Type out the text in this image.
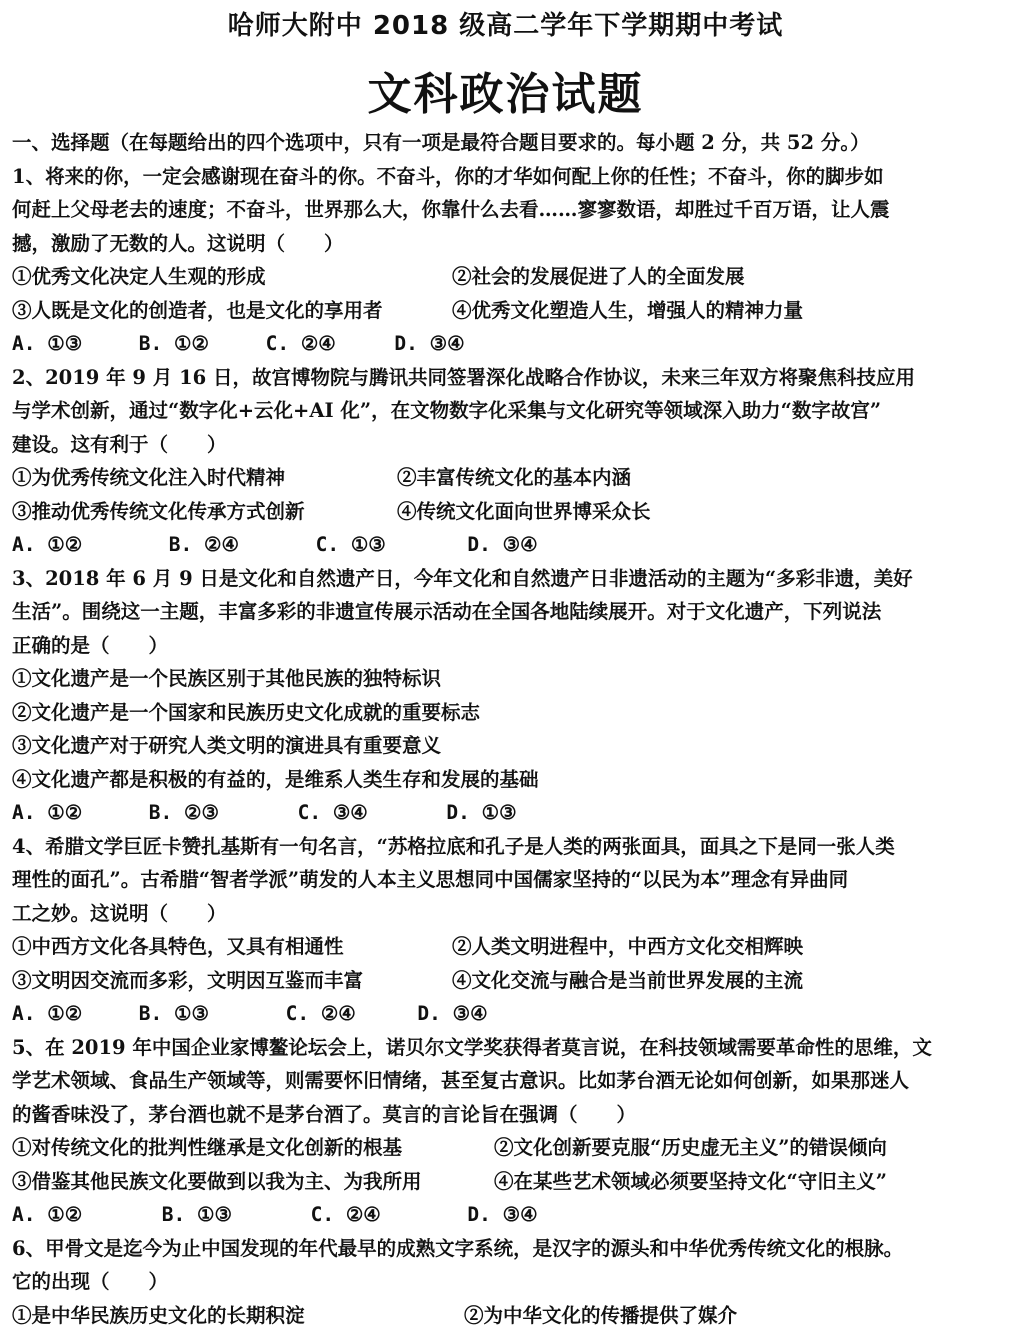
哈师大附中 2018 级高二学年下学期期中考试
文科政治试题
一、选择题（在每题给出的四个选项中，只有一项是最符合题目要求的。每小题 2 分，共 52 分。）
1、将来的你，一定会感谢现在奋斗的你。不奋斗，你的才华如何配上你的任性；不奋斗，你的脚步如
何赶上父母老去的速度；不奋斗，世界那么大，你靠什么去看……寥寥数语，却胜过千百万语，让人震
撼，激励了无数的人。这说明（　　）
①优秀文化决定人生观的形成	②社会的发展促进了人的全面发展
③人既是文化的创造者，也是文化的享用者	④优秀文化塑造人生，增强人的精神力量
A. ①③	B. ①②	C. ②④	D. ③④
2、2019 年 9 月 16 日，故宫博物院与腾讯共同签署深化战略合作协议，未来三年双方将聚焦科技应用
与学术创新，通过“数字化+云化+AI 化”，在文物数字化采集与文化研究等领域深入助力“数字故宫”
建设。这有利于（　　）
①为优秀传统文化注入时代精神	②丰富传统文化的基本内涵
③推动优秀传统文化传承方式创新	④传统文化面向世界博采众长
A. ①②	B. ②④	C. ①③	D. ③④
3、2018 年 6 月 9 日是文化和自然遗产日，今年文化和自然遗产日非遗活动的主题为“多彩非遗，美好
生活”。围绕这一主题，丰富多彩的非遗宣传展示活动在全国各地陆续展开。对于文化遗产，下列说法
正确的是（　　）
①文化遗产是一个民族区别于其他民族的独特标识
②文化遗产是一个国家和民族历史文化成就的重要标志
③文化遗产对于研究人类文明的演进具有重要意义
④文化遗产都是积极的有益的，是维系人类生存和发展的基础
A. ①②	B. ②③	C. ③④	D. ①③
4、希腊文学巨匠卡赞扎基斯有一句名言，“苏格拉底和孔子是人类的两张面具，面具之下是同一张人类
理性的面孔”。古希腊“智者学派”萌发的人本主义思想同中国儒家坚持的“以民为本”理念有异曲同
工之妙。这说明（　　）
①中西方文化各具特色，又具有相通性	②人类文明进程中，中西方文化交相辉映
③文明因交流而多彩，文明因互鉴而丰富	④文化交流与融合是当前世界发展的主流
A. ①②	B. ①③	C. ②④	D. ③④
5、在 2019 年中国企业家博鳌论坛会上，诺贝尔文学奖获得者莫言说，在科技领域需要革命性的思维，文
学艺术领域、食品生产领域等，则需要怀旧情绪，甚至复古意识。比如茅台酒无论如何创新，如果那迷人
的酱香味没了，茅台酒也就不是茅台酒了。莫言的言论旨在强调（　　）
①对传统文化的批判性继承是文化创新的根基	②文化创新要克服“历史虚无主义”的错误倾向
③借鉴其他民族文化要做到以我为主、为我所用	④在某些艺术领域必须要坚持文化“守旧主义”
A. ①②	B. ①③	C. ②④	D. ③④
6、甲骨文是迄今为止中国发现的年代最早的成熟文字系统，是汉字的源头和中华优秀传统文化的根脉。
它的出现（　　）
①是中华民族历史文化的长期积淀	②为中华文化的传播提供了媒介
